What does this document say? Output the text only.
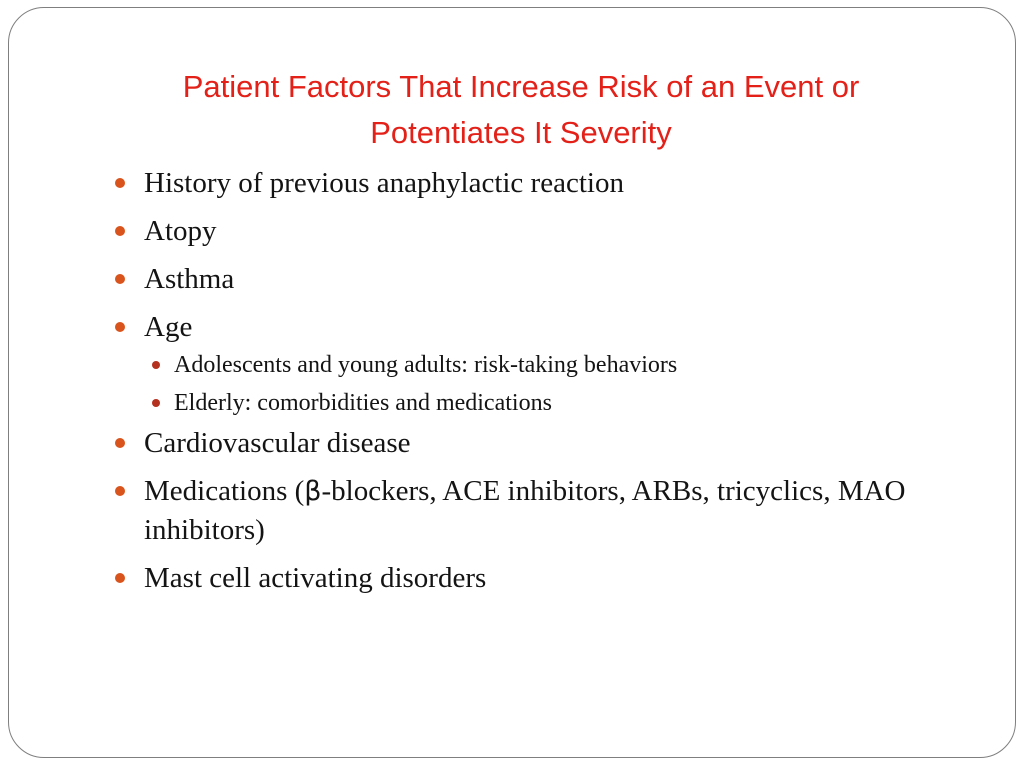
Patient Factors That Increase Risk of an Event or
Potentiates It Severity
History of previous anaphylactic reaction
Atopy
Asthma
Age
Adolescents and young adults: risk-taking behaviors
Elderly: comorbidities and medications
Cardiovascular disease
Medications (β-blockers, ACE inhibitors, ARBs, tricyclics, MAO inhibitors)
Mast cell activating disorders
